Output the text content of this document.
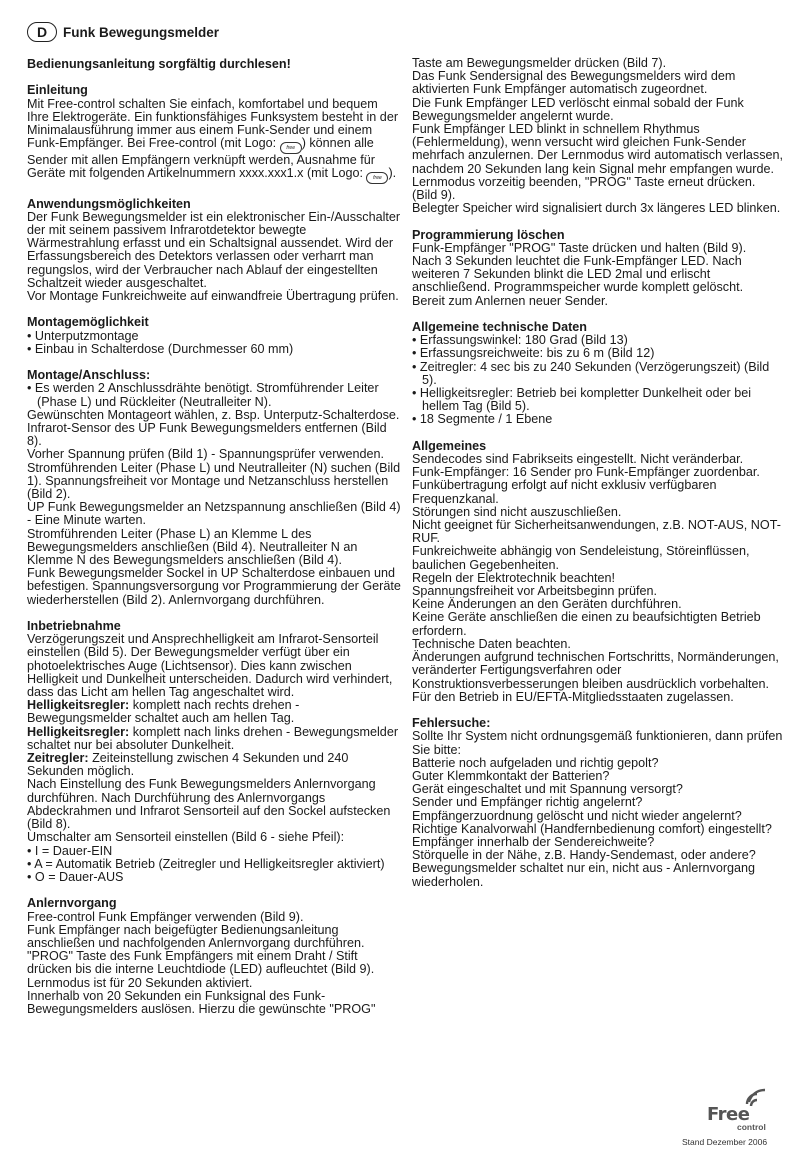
D	Funk Bewegungsmelder
Bedienungsanleitung sorgfältig durchlesen!
Einleitung
Mit Free-control schalten Sie einfach, komfortabel und bequem Ihre Elektrogeräte. Ein funktionsfähiges Funksystem besteht in der Minimalausführung immer aus einem Funk-Sender und einem Funk-Empfänger. Bei Free-control (mit Logo: free ) können alle Sender mit allen Empfängern verknüpft werden, Ausnahme für Geräte mit folgenden Artikelnummern xxxx.xxx1.x (mit Logo: free ).
Anwendungsmöglichkeiten
Der Funk Bewegungsmelder ist ein elektronischer Ein-/Ausschalter der mit seinem passivem Infrarotdetektor bewegte Wärmestrahlung erfasst und ein Schaltsignal aussendet. Wird der Erfassungsbereich des Detektors verlassen oder verharrt man regungslos, wird der Verbraucher nach Ablauf der eingestellten Schaltzeit wieder ausgeschaltet.
Vor Montage Funkreichweite auf einwandfreie Übertragung prüfen.
Montagemöglichkeit
• Unterputzmontage
• Einbau in Schalterdose (Durchmesser 60 mm)
Montage/Anschluss:
• Es werden 2 Anschlussdrähte benötigt. Stromführender Leiter (Phase L) und Rückleiter (Neutralleiter N).
Gewünschten Montageort wählen, z. Bsp. Unterputz-Schalterdose.
Infrarot-Sensor des UP Funk Bewegungsmelders entfernen (Bild 8).
Vorher Spannung prüfen (Bild 1) - Spannungsprüfer verwenden. Stromführenden Leiter (Phase L) und Neutralleiter (N) suchen (Bild 1). Spannungsfreiheit vor Montage und Netzanschluss herstellen (Bild 2).
UP Funk Bewegungsmelder an Netzspannung anschließen (Bild 4) - Eine Minute warten.
Stromführenden Leiter (Phase L) an Klemme L des Bewegungsmelders anschließen (Bild 4). Neutralleiter N an Klemme N des Bewegungsmelders anschließen (Bild 4).
Funk Bewegungsmelder Sockel in UP Schalterdose einbauen und befestigen. Spannungsversorgung vor Programmierung der Geräte wiederherstellen (Bild 2). Anlernvorgang durchführen.
Inbetriebnahme
Verzögerungszeit und Ansprechhelligkeit am Infrarot-Sensorteil einstellen (Bild 5). Der Bewegungsmelder verfügt über ein photoelektrisches Auge (Lichtsensor). Dies kann zwischen Helligkeit und Dunkelheit unterscheiden. Dadurch wird verhindert, dass das Licht am hellen Tag angeschaltet wird.
Helligkeitsregler: komplett nach rechts drehen - Bewegungsmelder schaltet auch am hellen Tag.
Helligkeitsregler: komplett nach links drehen - Bewegungsmelder schaltet nur bei absoluter Dunkelheit.
Zeitregler: Zeiteinstellung zwischen 4 Sekunden und 240 Sekunden möglich.
Nach Einstellung des Funk Bewegungsmelders Anlernvorgang durchführen. Nach Durchführung des Anlernvorgangs Abdeckrahmen und Infrarot Sensorteil auf den Sockel aufstecken (Bild 8).
Umschalter am Sensorteil einstellen (Bild 6 - siehe Pfeil):
• I = Dauer-EIN
• A = Automatik Betrieb (Zeitregler und Helligkeitsregler aktiviert)
• O = Dauer-AUS
Anlernvorgang
Free-control Funk Empfänger verwenden (Bild 9).
Funk Empfänger nach beigefügter Bedienungsanleitung anschließen und nachfolgenden Anlernvorgang durchführen.
"PROG" Taste des Funk Empfängers mit einem Draht / Stift drücken bis die interne Leuchtdiode (LED) aufleuchtet (Bild 9). Lernmodus ist für 20 Sekunden aktiviert.
Innerhalb von 20 Sekunden ein Funksignal des Funk-Bewegungsmelders auslösen. Hierzu die gewünschte "PROG"
Taste am Bewegungsmelder drücken (Bild 7).
Das Funk Sendersignal des Bewegungsmelders wird dem aktivierten Funk Empfänger automatisch zugeordnet.
Die Funk Empfänger LED verlöscht einmal sobald der Funk Bewegungsmelder angelernt wurde.
Funk Empfänger LED blinkt in schnellem Rhythmus (Fehlermeldung), wenn versucht wird gleichen Funk-Sender mehrfach anzulernen. Der Lernmodus wird automatisch verlassen, nachdem 20 Sekunden lang kein Signal mehr empfangen wurde.
Lernmodus vorzeitig beenden, "PROG" Taste erneut drücken. (Bild 9).
Belegter Speicher wird signalisiert durch 3x längeres LED blinken.
Programmierung löschen
Funk-Empfänger "PROG" Taste drücken und halten (Bild 9).
Nach 3 Sekunden leuchtet die Funk-Empfänger LED. Nach weiteren 7 Sekunden blinkt die LED 2mal und erlischt anschließend. Programmspeicher wurde komplett gelöscht.
Bereit zum Anlernen neuer Sender.
Allgemeine technische Daten
• Erfassungswinkel: 180 Grad (Bild 13)
• Erfassungsreichweite: bis zu 6 m (Bild 12)
• Zeitregler: 4 sec bis zu 240 Sekunden (Verzögerungszeit) (Bild 5).
• Helligkeitsregler: Betrieb bei kompletter Dunkelheit oder bei hellem Tag (Bild 5).
• 18 Segmente / 1 Ebene
Allgemeines
Sendecodes sind Fabrikseits eingestellt. Nicht veränderbar.
Funk-Empfänger: 16 Sender pro Funk-Empfänger zuordenbar.
Funkübertragung erfolgt auf nicht exklusiv verfügbaren Frequenzkanal.
Störungen sind nicht auszuschließen.
Nicht geeignet für Sicherheitsanwendungen, z.B. NOT-AUS, NOT-RUF.
Funkreichweite abhängig von Sendeleistung, Störeinflüssen, baulichen Gegebenheiten.
Regeln der Elektrotechnik beachten!
Spannungsfreiheit vor Arbeitsbeginn prüfen.
Keine Änderungen an den Geräten durchführen.
Keine Geräte anschließen die einen zu beaufsichtigten Betrieb erfordern.
Technische Daten beachten.
Änderungen aufgrund technischen Fortschritts, Normänderungen, veränderter Fertigungsverfahren oder Konstruktionsverbesserungen bleiben ausdrücklich vorbehalten.
Für den Betrieb in EU/EFTA-Mitgliedsstaaten zugelassen.
Fehlersuche:
Sollte Ihr System nicht ordnungsgemäß funktionieren, dann prüfen Sie bitte:
Batterie noch aufgeladen und richtig gepolt?
Guter Klemmkontakt der Batterien?
Gerät eingeschaltet und mit Spannung versorgt?
Sender und Empfänger richtig angelernt?
Empfängerzuordnung gelöscht und nicht wieder angelernt?
Richtige Kanalvorwahl (Handfernbedienung comfort) eingestellt?
Empfänger innerhalb der Sendereichweite?
Störquelle in der Nähe, z.B. Handy-Sendemast, oder andere?
Bewegungsmelder schaltet nur ein, nicht aus - Anlernvorgang wiederholen.
Free
control
Stand Dezember 2006
